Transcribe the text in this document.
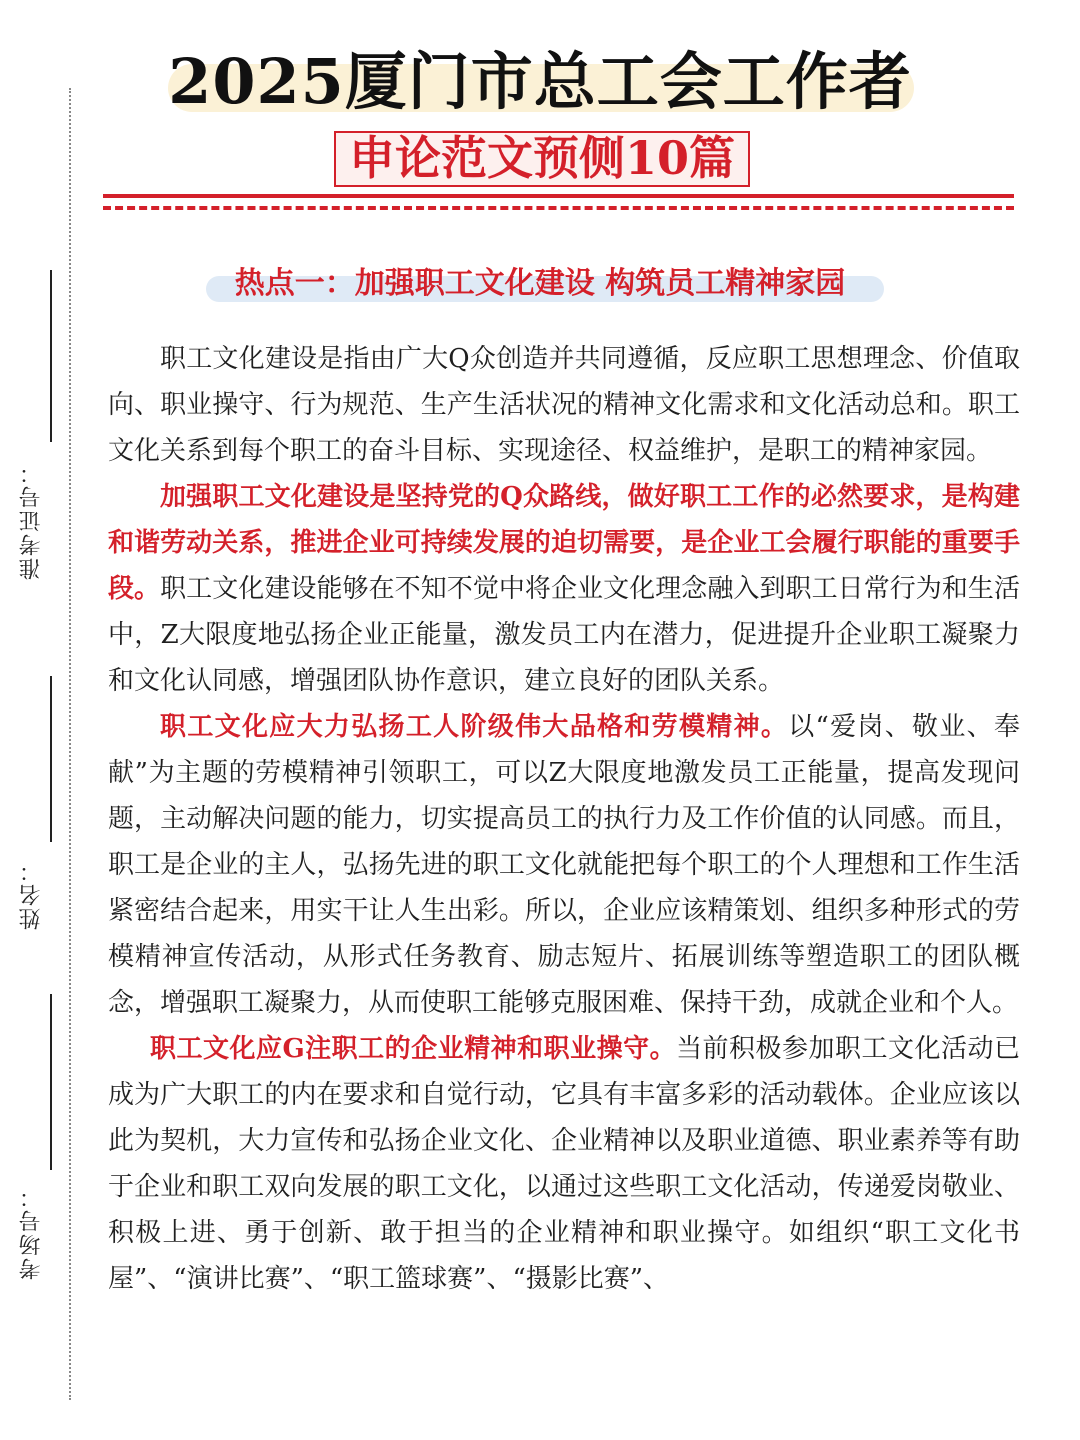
准考证号：
姓名：
考场号：
2025厦门市总工会工作者
申论范文预侧10篇
热点一：加强职工文化建设 构筑员工精神家园

职工文化建设是指由广大Q众创造并共同遵循，反应职工思想理念、价值取向、职业操守、行为规范、生产生活状况的精神文化需求和文化活动总和。职工文化关系到每个职工的奋斗目标、实现途径、权益维护，是职工的精神家园。

加强职工文化建设是坚持党的Q众路线，做好职工工作的必然要求，是构建和谐劳动关系，推进企业可持续发展的迫切需要，是企业工会履行职能的重要手段。职工文化建设能够在不知不觉中将企业文化理念融入到职工日常行为和生活中，Z大限度地弘扬企业正能量，激发员工内在潜力，促进提升企业职工凝聚力和文化认同感，增强团队协作意识，建立良好的团队关系。

职工文化应大力弘扬工人阶级伟大品格和劳模精神。以“爱岗、敬业、奉献”为主题的劳模精神引领职工，可以Z大限度地激发员工正能量，提高发现问题，主动解决问题的能力，切实提高员工的执行力及工作价值的认同感。而且，职工是企业的主人，弘扬先进的职工文化就能把每个职工的个人理想和工作生活紧密结合起来，用实干让人生出彩。所以，企业应该精策划、组织多种形式的劳模精神宣传活动，从形式任务教育、励志短片、拓展训练等塑造职工的团队概念，增强职工凝聚力，从而使职工能够克服困难、保持干劲，成就企业和个人。

职工文化应G注职工的企业精神和职业操守。当前积极参加职工文化活动已成为广大职工的内在要求和自觉行动，它具有丰富多彩的活动载体。企业应该以此为契机，大力宣传和弘扬企业文化、企业精神以及职业道德、职业素养等有助于企业和职工双向发展的职工文化，以通过这些职工文化活动，传递爱岗敬业、积极上进、勇于创新、敢于担当的企业精神和职业操守。如组织“职工文化书屋”、“演讲比赛”、“职工篮球赛”、“摄影比赛”、
